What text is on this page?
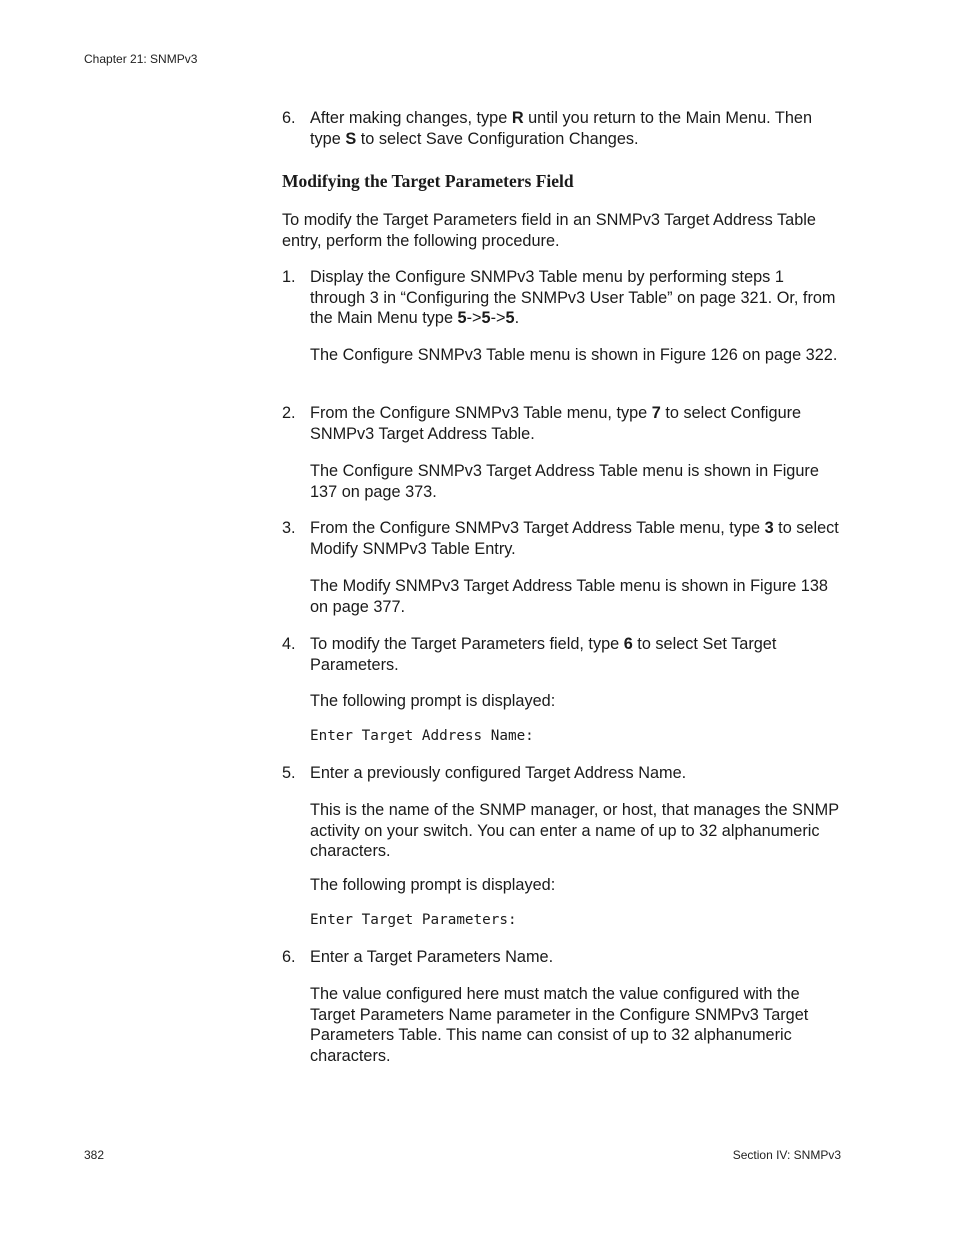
Chapter 21: SNMPv3
6. After making changes, type R until you return to the Main Menu. Then type S to select Save Configuration Changes.
Modifying the Target Parameters Field
To modify the Target Parameters field in an SNMPv3 Target Address Table entry, perform the following procedure.
1. Display the Configure SNMPv3 Table menu by performing steps 1 through 3 in “Configuring the SNMPv3 User Table” on page 321. Or, from the Main Menu type 5->5->5.
The Configure SNMPv3 Table menu is shown in Figure 126 on page 322.
2. From the Configure SNMPv3 Table menu, type 7 to select Configure SNMPv3 Target Address Table.
The Configure SNMPv3 Target Address Table menu is shown in Figure 137 on page 373.
3. From the Configure SNMPv3 Target Address Table menu, type 3 to select Modify SNMPv3 Table Entry.
The Modify SNMPv3 Target Address Table menu is shown in Figure 138 on page 377.
4. To modify the Target Parameters field, type 6 to select Set Target Parameters.
The following prompt is displayed:
Enter Target Address Name:
5. Enter a previously configured Target Address Name.
This is the name of the SNMP manager, or host, that manages the SNMP activity on your switch. You can enter a name of up to 32 alphanumeric characters.
The following prompt is displayed:
Enter Target Parameters:
6. Enter a Target Parameters Name.
The value configured here must match the value configured with the Target Parameters Name parameter in the Configure SNMPv3 Target Parameters Table. This name can consist of up to 32 alphanumeric characters.
382	Section IV: SNMPv3
